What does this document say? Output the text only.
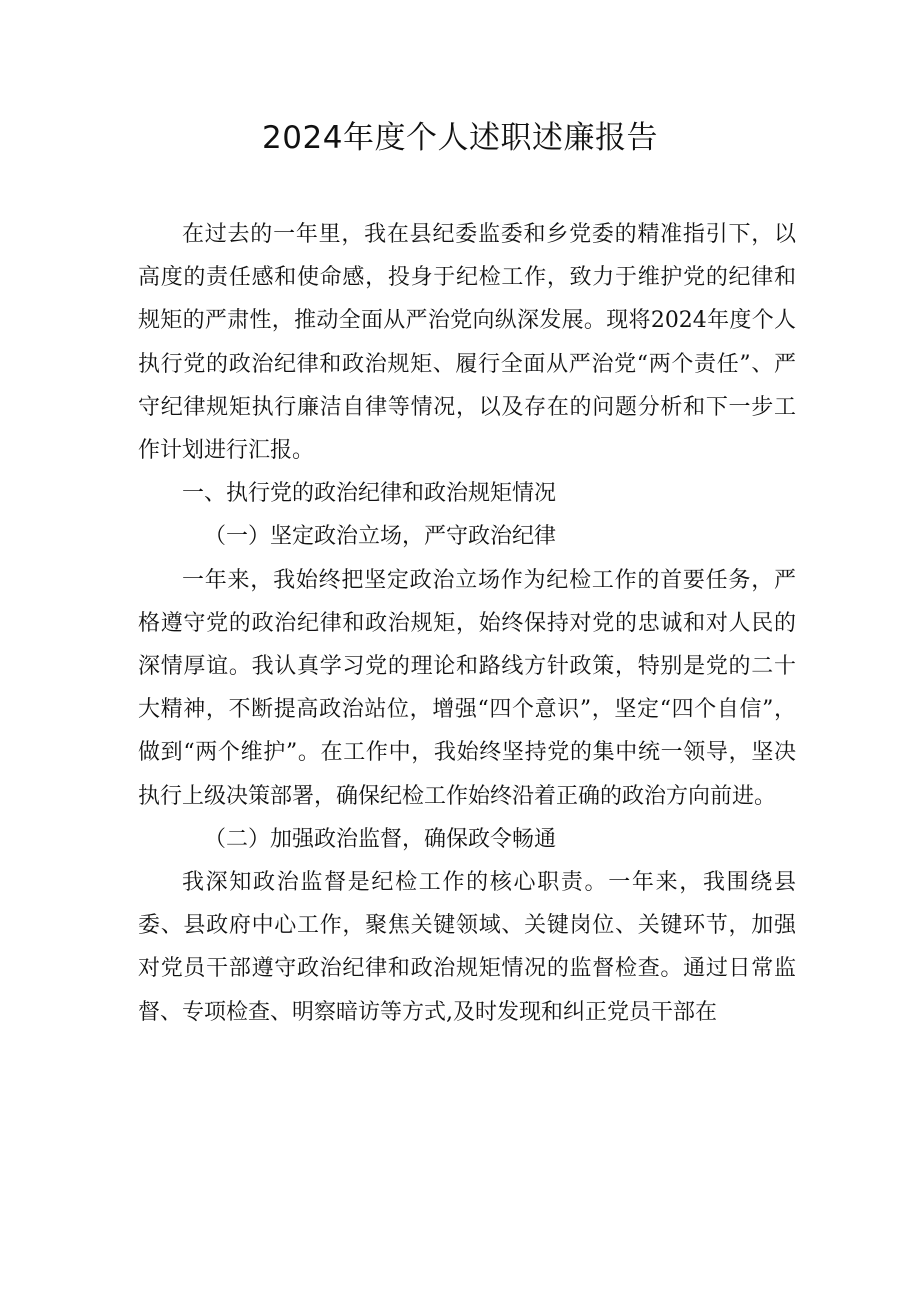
2024年度个人述职述廉报告

在过去的一年里，我在县纪委监委和乡党委的精准指引下，以高度的责任感和使命感，投身于纪检工作，致力于维护党的纪律和规矩的严肃性，推动全面从严治党向纵深发展。现将2024年度个人执行党的政治纪律和政治规矩、履行全面从严治党“两个责任”、严守纪律规矩执行廉洁自律等情况，以及存在的问题分析和下一步工作计划进行汇报。

一、执行党的政治纪律和政治规矩情况

（一）坚定政治立场，严守政治纪律

一年来，我始终把坚定政治立场作为纪检工作的首要任务，严格遵守党的政治纪律和政治规矩，始终保持对党的忠诚和对人民的深情厚谊。我认真学习党的理论和路线方针政策，特别是党的二十大精神，不断提高政治站位，增强“四个意识”，坚定“四个自信”，做到“两个维护”。在工作中，我始终坚持党的集中统一领导，坚决执行上级决策部署，确保纪检工作始终沿着正确的政治方向前进。

（二）加强政治监督，确保政令畅通

我深知政治监督是纪检工作的核心职责。一年来，我围绕县委、县政府中心工作，聚焦关键领域、关键岗位、关键环节，加强对党员干部遵守政治纪律和政治规矩情况的监督检查。通过日常监督、专项检查、明察暗访等方式,及时发现和纠正党员干部在
